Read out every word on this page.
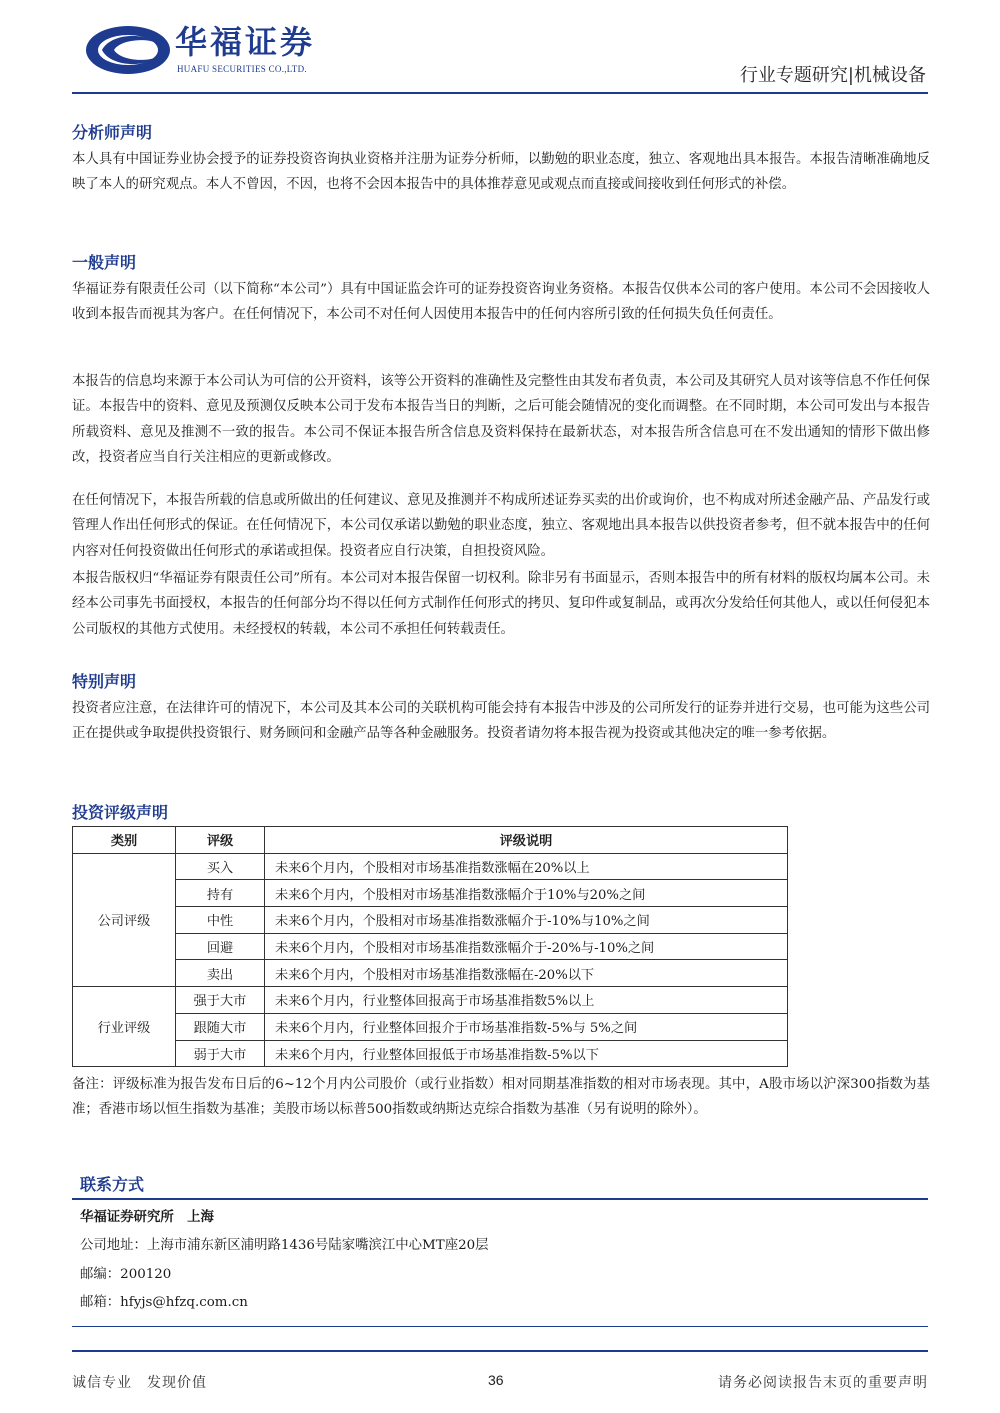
华福证券
HUAFU SECURITIES CO.,LTD.	行业专题研究|机械设备
分析师声明

本人具有中国证券业协会授予的证券投资咨询执业资格并注册为证券分析师，以勤勉的职业态度，独立、客观地出具本报告。本报告清晰准确地反映了本人的研究观点。本人不曾因，不因，也将不会因本报告中的具体推荐意见或观点而直接或间接收到任何形式的补偿。

一般声明

华福证券有限责任公司（以下简称“本公司”）具有中国证监会许可的证券投资咨询业务资格。本报告仅供本公司的客户使用。本公司不会因接收人收到本报告而视其为客户。在任何情况下，本公司不对任何人因使用本报告中的任何内容所引致的任何损失负任何责任。

本报告的信息均来源于本公司认为可信的公开资料，该等公开资料的准确性及完整性由其发布者负责，本公司及其研究人员对该等信息不作任何保证。本报告中的资料、意见及预测仅反映本公司于发布本报告当日的判断，之后可能会随情况的变化而调整。在不同时期，本公司可发出与本报告所载资料、意见及推测不一致的报告。本公司不保证本报告所含信息及资料保持在最新状态，对本报告所含信息可在不发出通知的情形下做出修改，投资者应当自行关注相应的更新或修改。

在任何情况下，本报告所载的信息或所做出的任何建议、意见及推测并不构成所述证券买卖的出价或询价，也不构成对所述金融产品、产品发行或管理人作出任何形式的保证。在任何情况下，本公司仅承诺以勤勉的职业态度，独立、客观地出具本报告以供投资者参考，但不就本报告中的任何内容对任何投资做出任何形式的承诺或担保。投资者应自行决策，自担投资风险。

本报告版权归“华福证券有限责任公司”所有。本公司对本报告保留一切权利。除非另有书面显示，否则本报告中的所有材料的版权均属本公司。未经本公司事先书面授权，本报告的任何部分均不得以任何方式制作任何形式的拷贝、复印件或复制品，或再次分发给任何其他人，或以任何侵犯本公司版权的其他方式使用。未经授权的转载，本公司不承担任何转载责任。

特别声明

投资者应注意，在法律许可的情况下，本公司及其本公司的关联机构可能会持有本报告中涉及的公司所发行的证券并进行交易，也可能为这些公司正在提供或争取提供投资银行、财务顾问和金融产品等各种金融服务。投资者请勿将本报告视为投资或其他决定的唯一参考依据。

投资评级声明
类别	评级	评级说明
公司评级	买入	未来6个月内，个股相对市场基准指数涨幅在20%以上
	持有	未来6个月内，个股相对市场基准指数涨幅介于10%与20%之间
	中性	未来6个月内，个股相对市场基准指数涨幅介于-10%与10%之间
	回避	未来6个月内，个股相对市场基准指数涨幅介于-20%与-10%之间
	卖出	未来6个月内，个股相对市场基准指数涨幅在-20%以下
行业评级	强于大市	未来6个月内，行业整体回报高于市场基准指数5%以上
	跟随大市	未来6个月内，行业整体回报介于市场基准指数-5%与 5%之间
	弱于大市	未来6个月内，行业整体回报低于市场基准指数-5%以下

备注：评级标准为报告发布日后的6~12个月内公司股价（或行业指数）相对同期基准指数的相对市场表现。其中，A股市场以沪深300指数为基准；香港市场以恒生指数为基准；美股市场以标普500指数或纳斯达克综合指数为基准（另有说明的除外）。

联系方式
华福证券研究所　上海
公司地址：上海市浦东新区浦明路1436号陆家嘴滨江中心MT座20层
邮编：200120
邮箱：hfyjs@hfzq.com.cn
诚信专业　发现价值	36	请务必阅读报告末页的重要声明
